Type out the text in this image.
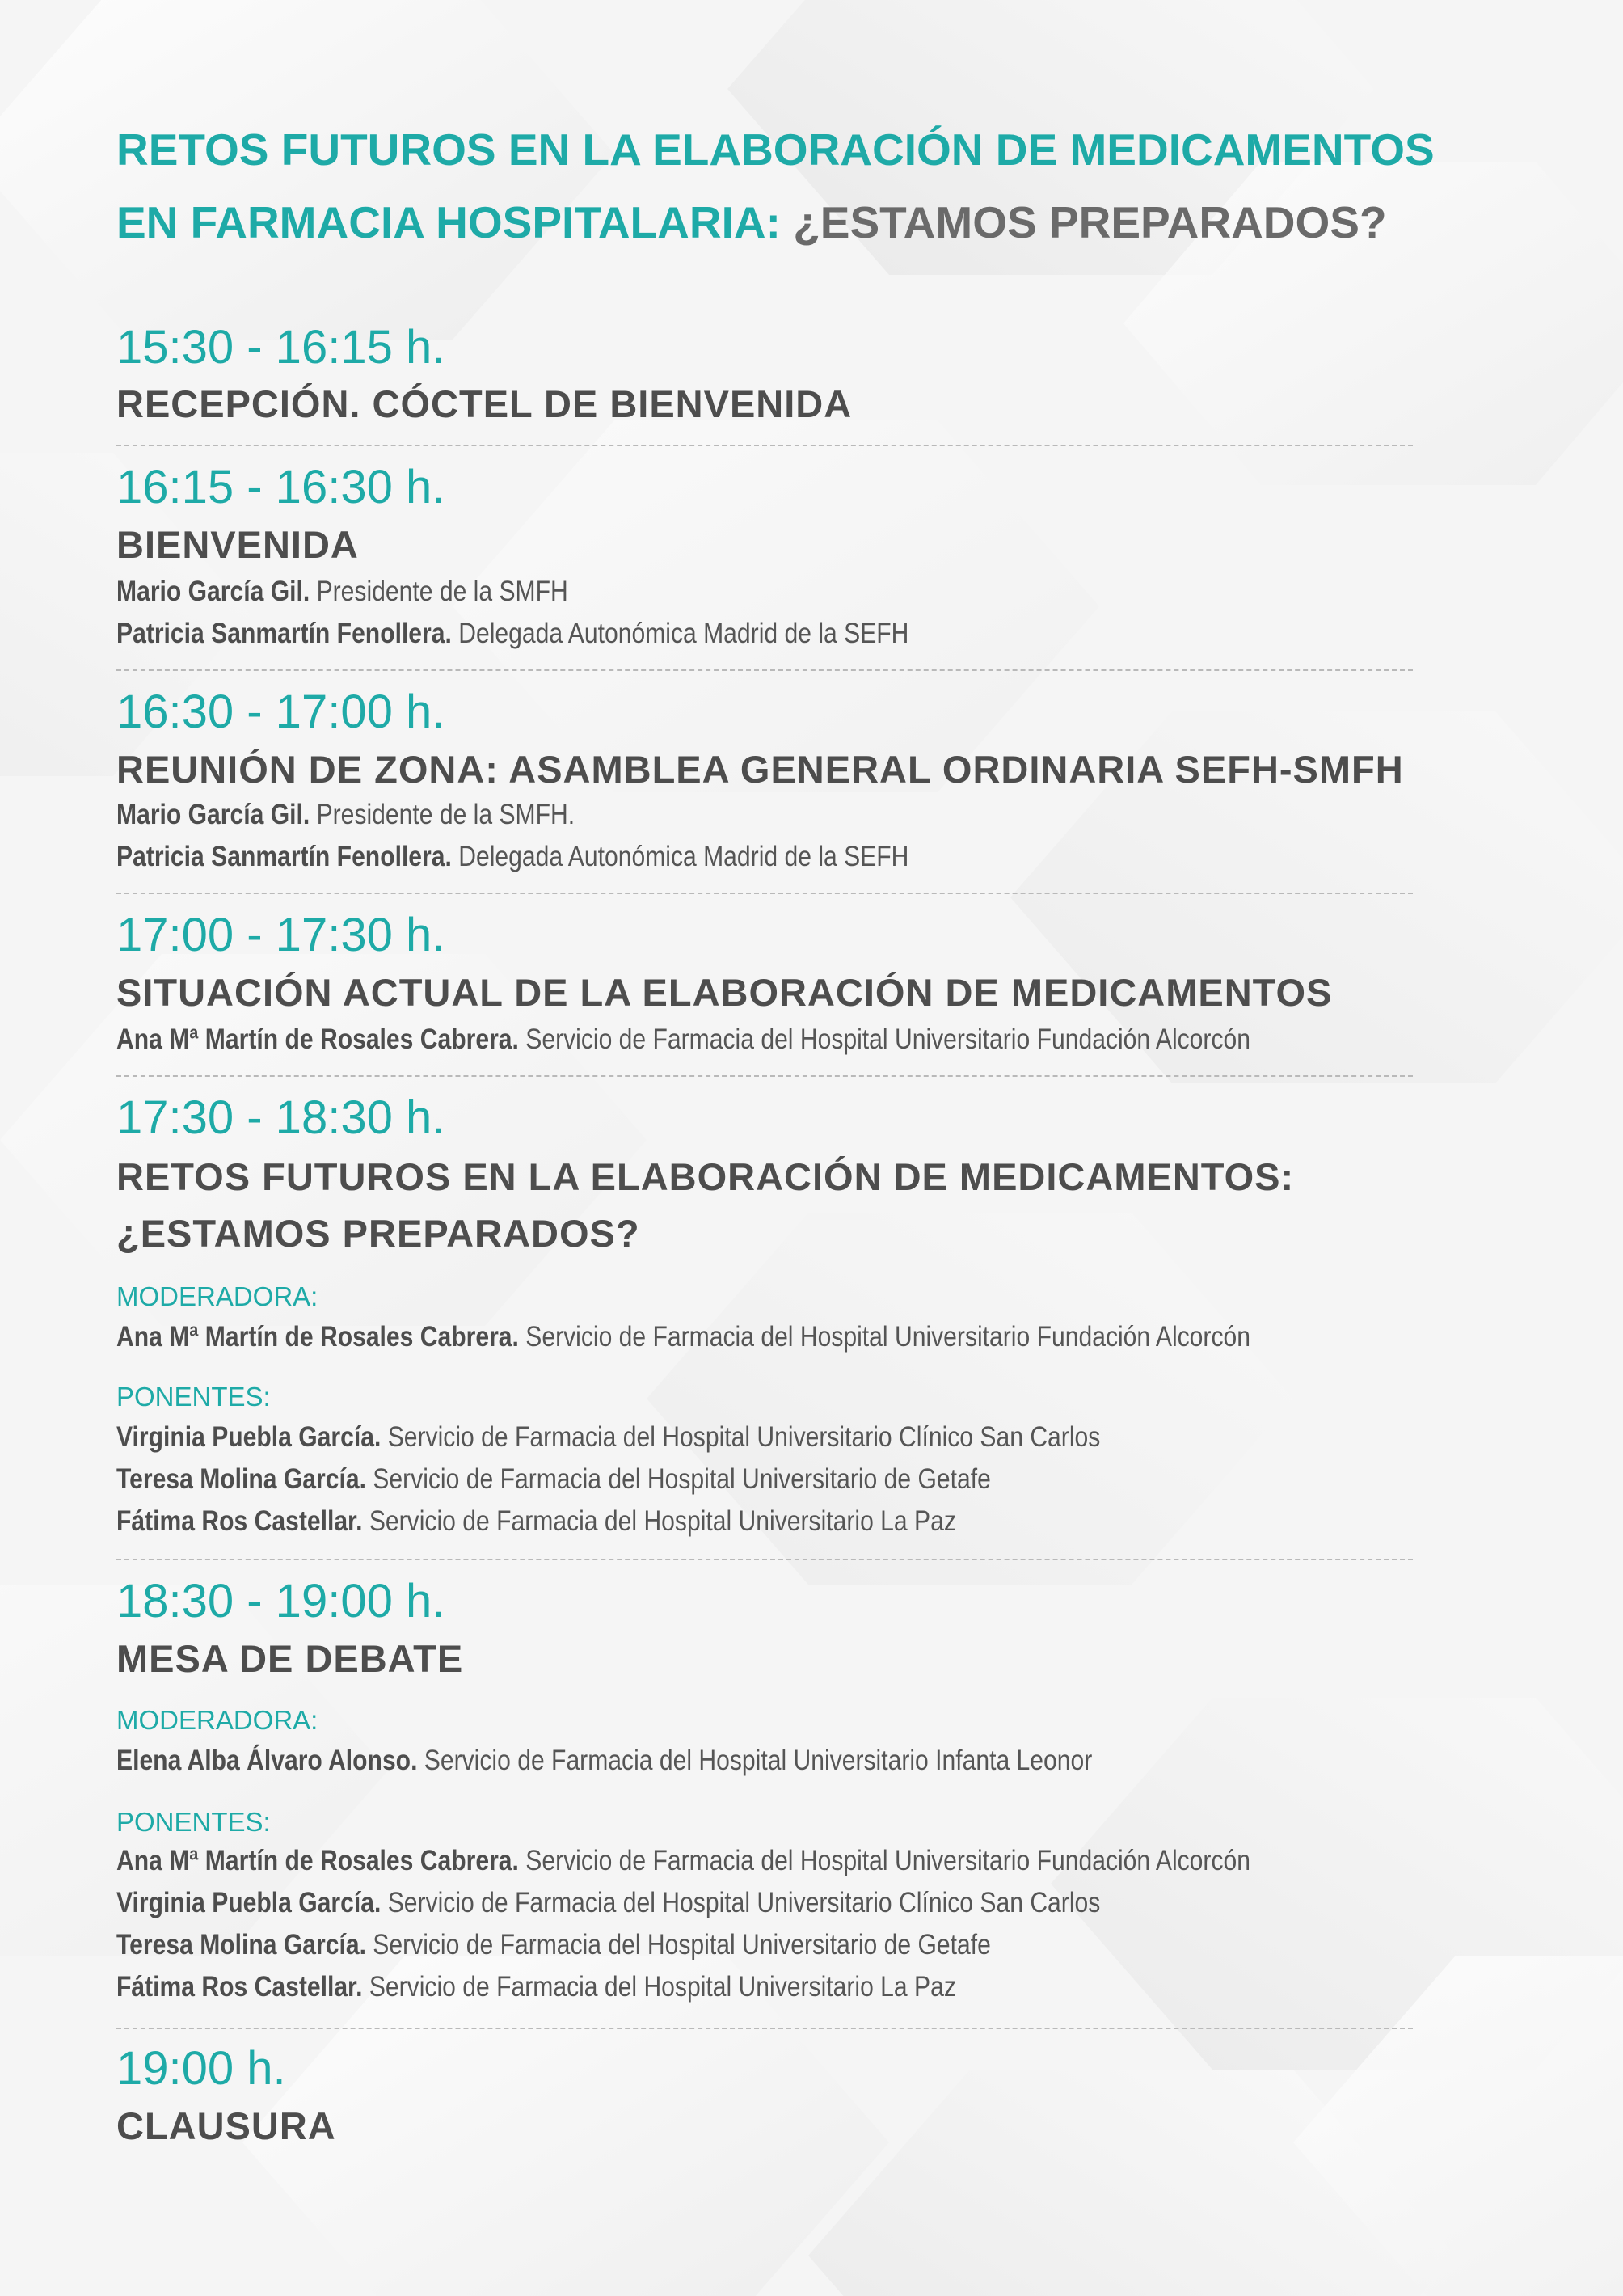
RETOS FUTUROS EN LA ELABORACIÓN DE MEDICAMENTOS
EN FARMACIA HOSPITALARIA: ¿ESTAMOS PREPARADOS?
15:30 - 16:15 h.
RECEPCIÓN. CÓCTEL DE BIENVENIDA
16:15 - 16:30 h.
BIENVENIDA
Mario García Gil. Presidente de la SMFH
Patricia Sanmartín Fenollera. Delegada Autonómica Madrid de la SEFH
16:30 - 17:00 h.
REUNIÓN DE ZONA: ASAMBLEA GENERAL ORDINARIA SEFH-SMFH
Mario García Gil. Presidente de la SMFH.
Patricia Sanmartín Fenollera. Delegada Autonómica Madrid de la SEFH
17:00 - 17:30 h.
SITUACIÓN ACTUAL DE LA ELABORACIÓN DE MEDICAMENTOS
Ana Mª Martín de Rosales Cabrera. Servicio de Farmacia del Hospital Universitario Fundación Alcorcón
17:30 - 18:30 h.
RETOS FUTUROS EN LA ELABORACIÓN DE MEDICAMENTOS:
¿ESTAMOS PREPARADOS?
MODERADORA:
Ana Mª Martín de Rosales Cabrera. Servicio de Farmacia del Hospital Universitario Fundación Alcorcón
PONENTES:
Virginia Puebla García. Servicio de Farmacia del Hospital Universitario Clínico San Carlos
Teresa Molina García. Servicio de Farmacia del Hospital Universitario de Getafe
Fátima Ros Castellar. Servicio de Farmacia del Hospital Universitario La Paz
18:30 - 19:00 h.
MESA DE DEBATE
MODERADORA:
Elena Alba Álvaro Alonso. Servicio de Farmacia del Hospital Universitario Infanta Leonor
PONENTES:
Ana Mª Martín de Rosales Cabrera. Servicio de Farmacia del Hospital Universitario Fundación Alcorcón
Virginia Puebla García. Servicio de Farmacia del Hospital Universitario Clínico San Carlos
Teresa Molina García. Servicio de Farmacia del Hospital Universitario de Getafe
Fátima Ros Castellar. Servicio de Farmacia del Hospital Universitario La Paz
19:00 h.
CLAUSURA
